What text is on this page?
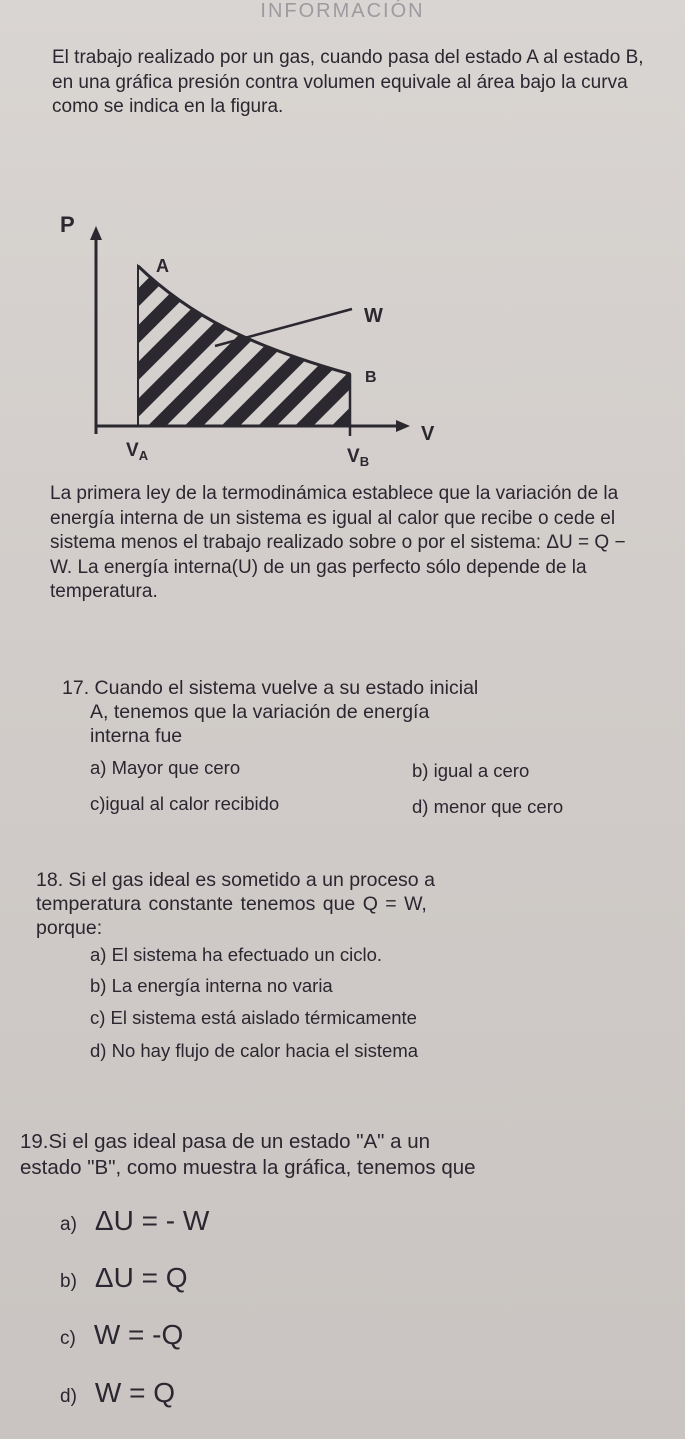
INFORMACIÓN
El trabajo realizado por un gas, cuando pasa del estado A al estado B, en una gráfica presión contra volumen equivale al área bajo la curva como se indica en la figura.
P
A
W
B
V
$V_A$	$V_B$
La primera ley de la termodinámica establece que la variación de la energía interna de un sistema es igual al calor que recibe o cede el sistema menos el trabajo realizado sobre o por el sistema: ΔU = Q − W. La energía interna(U) de un gas perfecto sólo depende de la temperatura.
17. Cuando el sistema vuelve a su estado inicial
A, tenemos que la variación de energía
interna fue
a) Mayor que cero	b) igual a cero
c)igual al calor recibido	d) menor que cero
18. Si el gas ideal es sometido a un proceso a
temperatura constante tenemos que Q = W,
porque:
a) El sistema ha efectuado un ciclo.
b) La energía interna no varia
c) El sistema está aislado térmicamente
d) No hay flujo de calor hacia el sistema
19.Si el gas ideal pasa de un estado "A" a un
estado "B", como muestra la gráfica, tenemos que
a) ΔU = - W
b) ΔU = Q
c) W = -Q
d) W = Q
